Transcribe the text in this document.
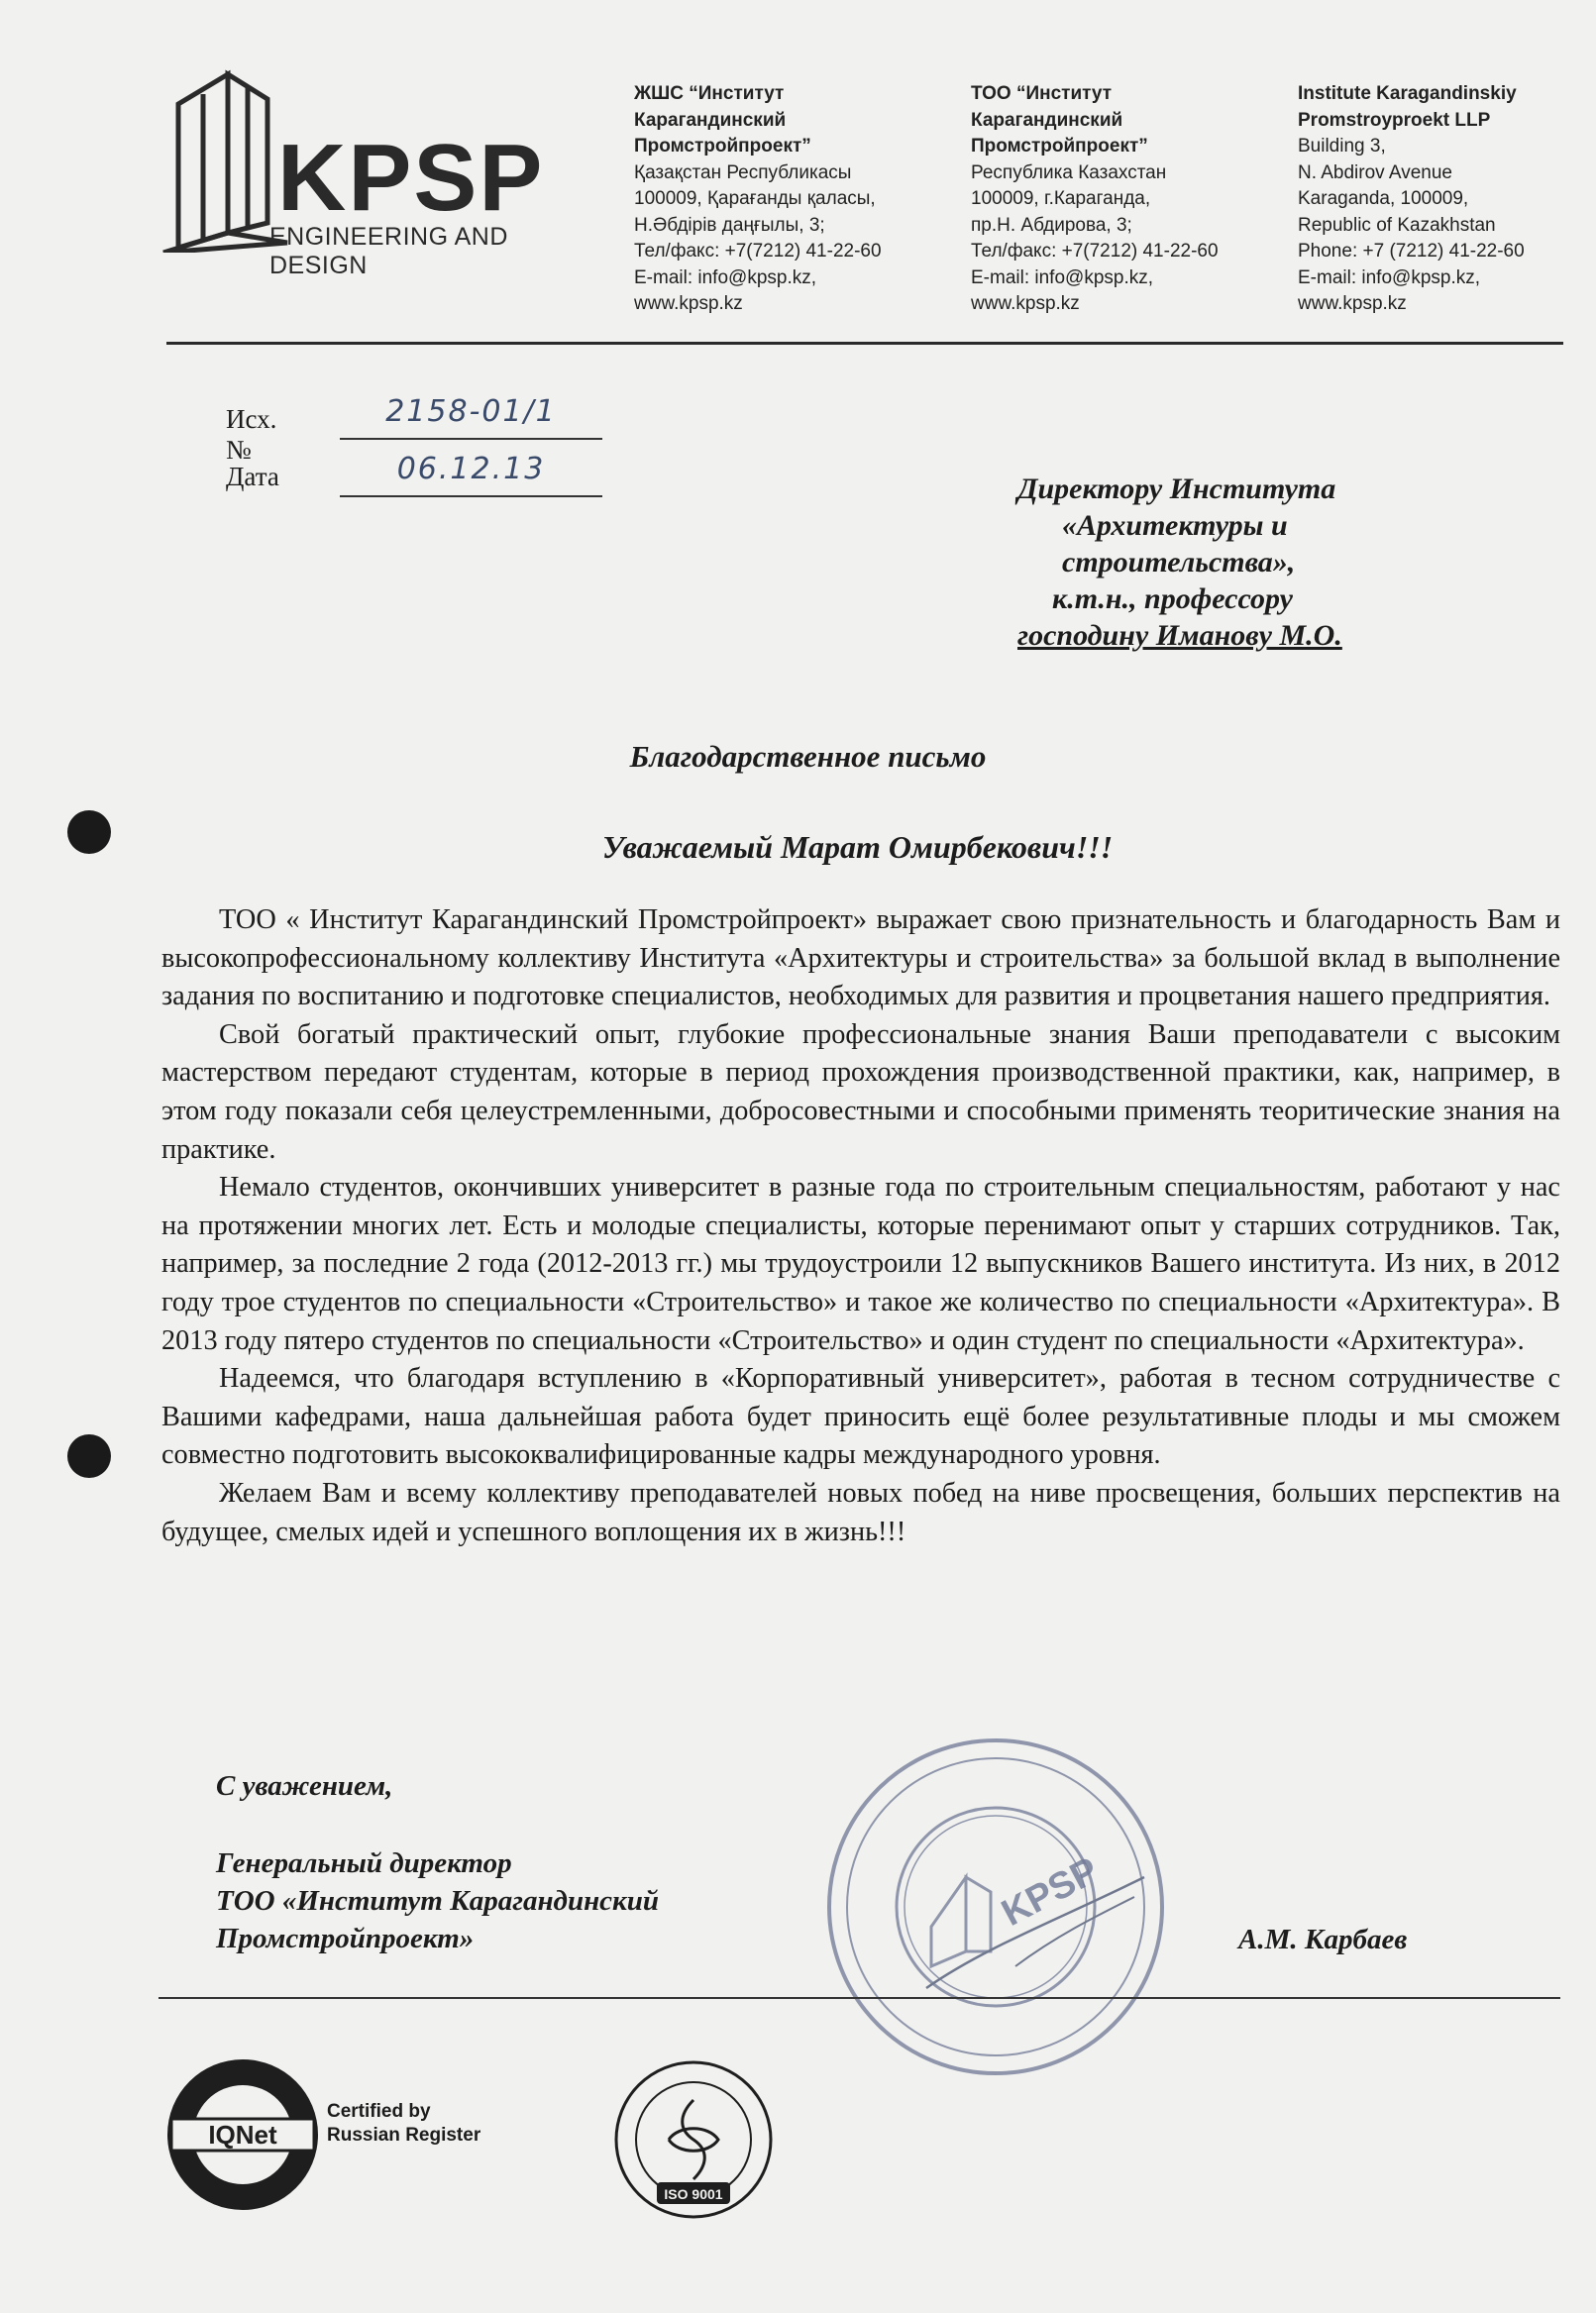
KPSP
ENGINEERING AND DESIGN
ЖШС “Институт
Карагандинский
Промстройпроект”
Қазақстан Республикасы
100009, Қарағанды қаласы,
Н.Әбдірів даңғылы, 3;
Тел/факс: +7(7212) 41-22-60
E-mail: info@kpsp.kz,
www.kpsp.kz
ТОО “Институт
Карагандинский
Промстройпроект”
Республика Казахстан
100009, г.Караганда,
пр.Н. Абдирова, 3;
Тел/факс: +7(7212) 41-22-60
E-mail: info@kpsp.kz,
www.kpsp.kz
Institute Karagandinskiy
Promstroyproekt LLP
Building 3,
N. Abdirov Avenue
Karaganda, 100009,
Republic of Kazakhstan
Phone: +7 (7212) 41-22-60
E-mail: info@kpsp.kz,
www.kpsp.kz
Исх. №
2158-01/1
Дата	06.12.13
Директору Института
«Архитектуры и
строительства»,
к.т.н., профессору
господину Иманову М.О.
Благодарственное письмо
Уважаемый Марат Омирбекович!!!

ТОО « Институт Карагандинский Промстройпроект» выражает свою признательность и благодарность Вам и высокопрофессиональному коллективу Института «Архитектуры и строительства» за большой вклад в выполнение задания по воспитанию и подготовке специалистов, необходимых для развития и процветания нашего предприятия.

Свой богатый практический опыт, глубокие профессиональные знания Ваши преподаватели с высоким мастерством передают студентам, которые в период прохождения производственной практики, как, например, в этом году показали себя целеустремленными, добросовестными и способными применять теоритические знания на практике.

Немало студентов, окончивших университет в разные года по строительным специальностям, работают у нас на протяжении многих лет. Есть и молодые специалисты, которые перенимают опыт у старших сотрудников. Так, например, за последние 2 года (2012-2013 гг.) мы трудоустроили 12 выпускников Вашего института. Из них, в 2012 году трое студентов по специальности «Строительство» и такое же количество по специальности «Архитектура». В 2013 году пятеро студентов по специальности «Строительство» и один студент по специальности «Архитектура».

Надеемся, что благодаря вступлению в «Корпоративный университет», работая в тесном сотрудничестве с Вашими кафедрами, наша дальнейшая работа будет приносить ещё более результативные плоды и мы сможем совместно подготовить высококвалифицированные кадры международного уровня.

Желаем Вам и всему коллективу преподавателей новых побед на ниве просвещения, больших перспектив на будущее, смелых идей и успешного воплощения их в жизнь!!!

С уважением,
Генеральный директор
ТОО «Институт Карагандинский
Промстройпроект»	А.М. Карбаев
KPSP
IQNet
Certified by
Russian Register
ISO 9001
